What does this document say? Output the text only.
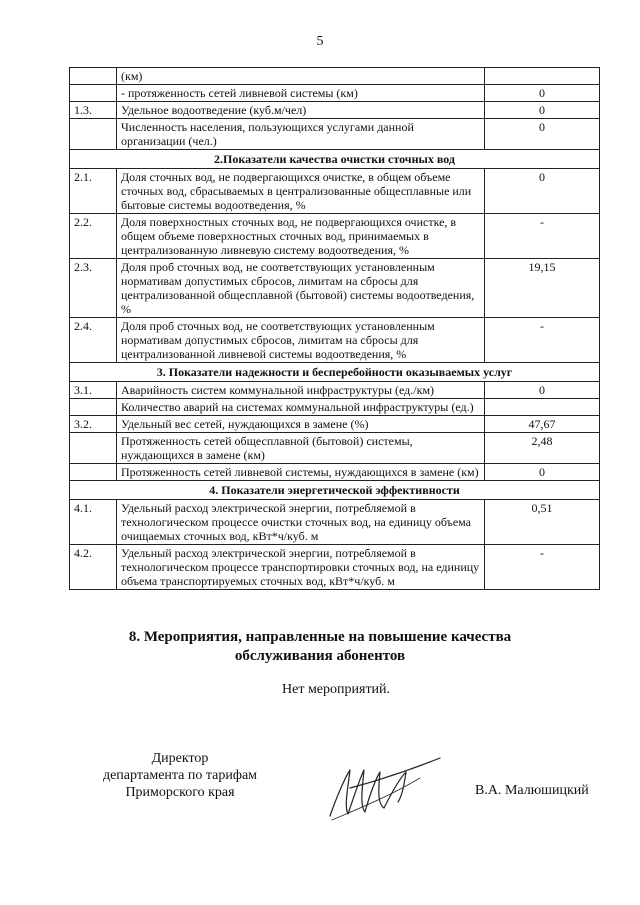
5
	(км)	
	- протяженность сетей ливневой системы (км)	0
1.3.	Удельное водоотведение (куб.м/чел)	0
	Численность населения, пользующихся услугами данной организации (чел.)	0
2.Показатели качества очистки сточных вод		
2.1.	Доля сточных вод, не подвергающихся очистке, в общем объеме сточных вод, сбрасываемых в централизованные общесплавные или бытовые системы водоотведения, %	0
2.2.	Доля поверхностных сточных вод, не подвергающихся очистке, в общем объеме поверхностных сточных вод, принимаемых в централизованную ливневую систему водоотведения, %	-
2.3.	Доля проб сточных вод, не соответствующих установленным нормативам допустимых сбросов, лимитам на сбросы для централизованной общесплавной (бытовой) системы водоотведения, %	19,15
2.4.	Доля проб сточных вод, не соответствующих установленным нормативам допустимых сбросов, лимитам на сбросы для централизованной ливневой системы водоотведения, %	-
3. Показатели надежности и бесперебойности оказываемых услуг		
3.1.	Аварийность систем коммунальной инфраструктуры (ед./км)	0
	Количество аварий на системах коммунальной инфраструктуры (ед.)	
3.2.	Удельный вес сетей, нуждающихся в замене (%)	47,67
	Протяженность сетей общесплавной (бытовой) системы, нуждающихся в замене (км)	2,48
	Протяженность сетей ливневой системы, нуждающихся в замене (км)	0
4. Показатели энергетической эффективности		
4.1.	Удельный расход электрической энергии, потребляемой в технологическом процессе очистки сточных вод, на единицу объема очищаемых сточных вод, кВт*ч/куб. м	0,51
4.2.	Удельный расход электрической энергии, потребляемой в технологическом процессе транспортировки сточных вод, на единицу объема транспортируемых сточных вод, кВт*ч/куб. м	-
8. Мероприятия, направленные на повышение качества
обслуживания абонентов
Нет мероприятий.
Директор
департамента по тарифам
Приморского края	В.А. Малюшицкий
